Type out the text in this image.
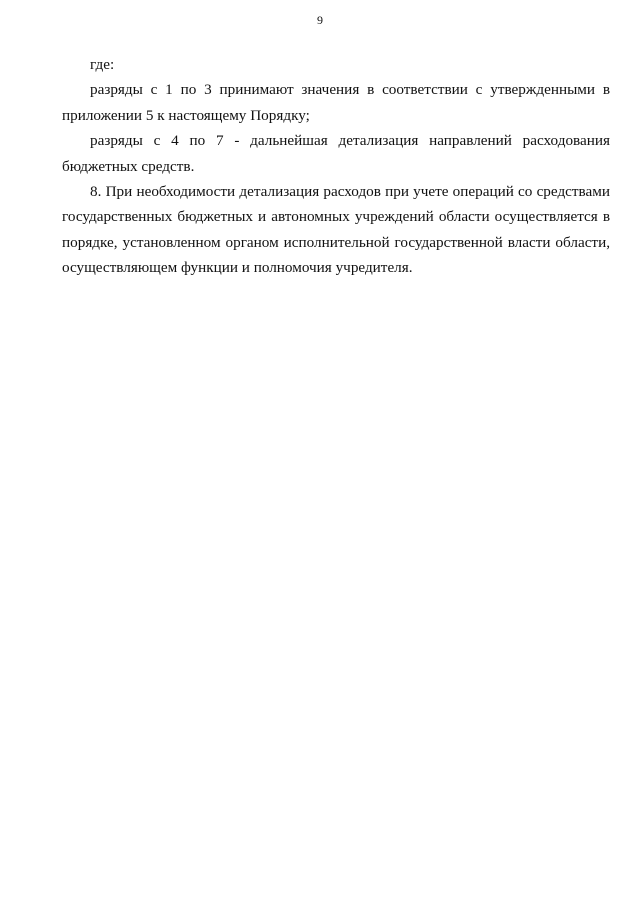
9

где:

разряды с 1 по 3 принимают значения в соответствии с утвержденными в приложении 5 к настоящему Порядку;

разряды с 4 по 7 - дальнейшая детализация направлений расходования бюджетных средств.

8. При необходимости детализация расходов при учете операций со средствами государственных бюджетных и автономных учреждений области осуществляется в порядке, установленном органом исполнительной государственной власти области, осуществляющем функции и полномочия учредителя.
